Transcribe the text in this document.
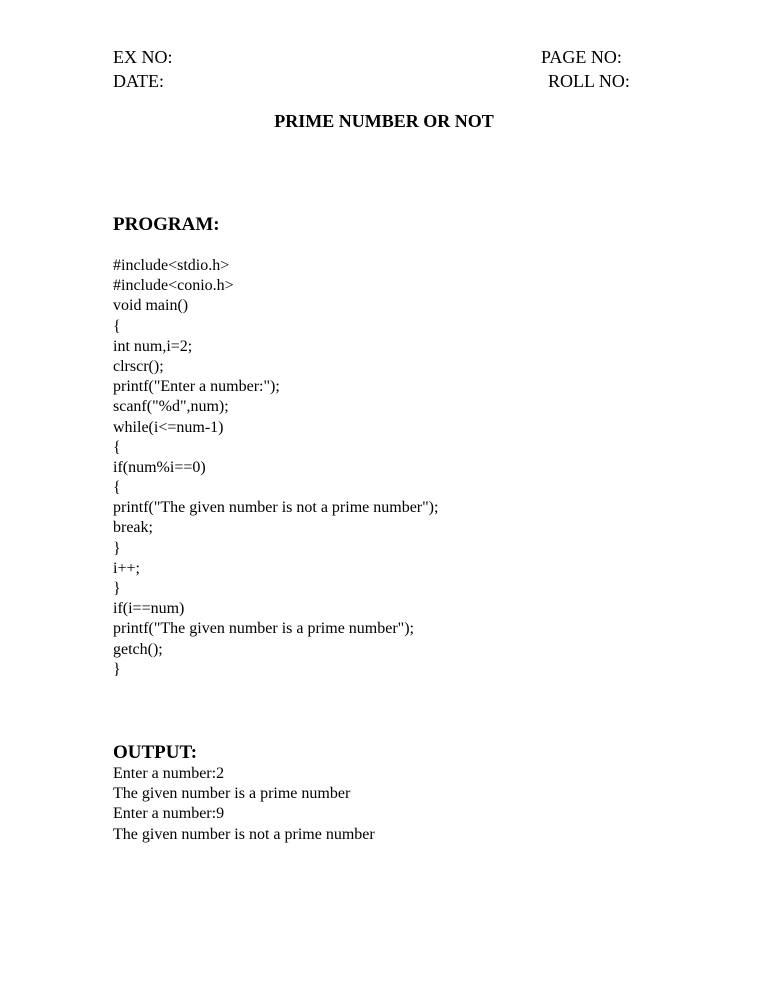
EX NO:
DATE:
PAGE NO:
ROLL NO:
PRIME NUMBER OR NOT
PROGRAM:
#include<stdio.h>
#include<conio.h>
void main()
{
int num,i=2;
clrscr();
printf("Enter a number:");
scanf("%d",num);
while(i<=num-1)
{
if(num%i==0)
{
printf("The given number is not a prime number");
break;
}
i++;
}
if(i==num)
printf("The given number is a prime number");
getch();
}
OUTPUT:
Enter a number:2
The given number is a prime number
Enter a number:9
The given number is not a prime number
